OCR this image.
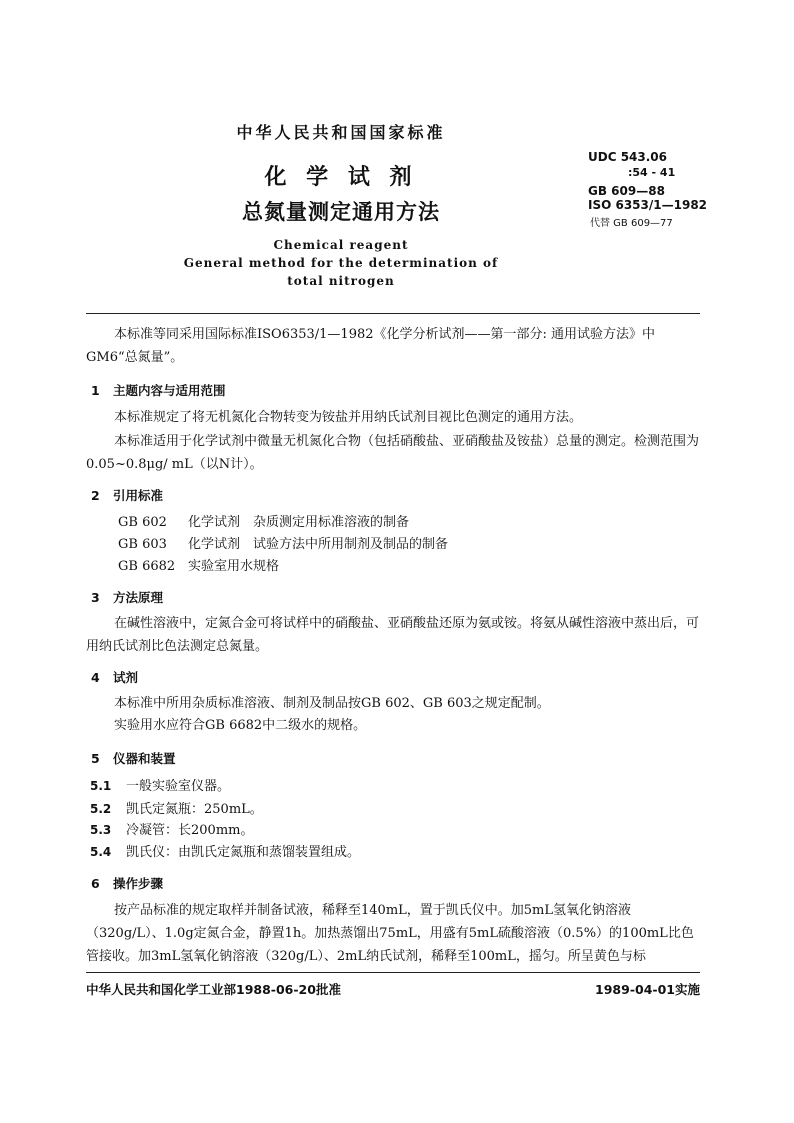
中华人民共和国国家标准
化 学 试 剂
总氮量测定通用方法
Chemical reagent
General method for the determination of
total nitrogen
UDC 543.06
:54 - 41
GB 609—88
ISO 6353/1—1982
代替 GB 609—77
本标准等同采用国际标准ISO6353/1—1982《化学分析试剂——第一部分: 通用试验方法》中GM6“总氮量”。
1 主题内容与适用范围
本标准规定了将无机氮化合物转变为铵盐并用纳氏试剂目视比色测定的通用方法。
本标准适用于化学试剂中微量无机氮化合物（包括硝酸盐、亚硝酸盐及铵盐）总量的测定。检测范围为0.05~0.8μg/ mL（以N计）。
2 引用标准
GB 602 化学试剂　杂质测定用标准溶液的制备
GB 603 化学试剂　试验方法中所用制剂及制品的制备
GB 6682 实验室用水规格
3 方法原理
在碱性溶液中，定氮合金可将试样中的硝酸盐、亚硝酸盐还原为氨或铵。将氨从碱性溶液中蒸出后，可用纳氏试剂比色法测定总氮量。
4 试剂
本标准中所用杂质标准溶液、制剂及制品按GB 602、GB 603之规定配制。
实验用水应符合GB 6682中二级水的规格。
5 仪器和装置
5.1 一般实验室仪器。
5.2 凯氏定氮瓶：250mL。
5.3 冷凝管：长200mm。
5.4 凯氏仪：由凯氏定氮瓶和蒸馏装置组成。
6 操作步骤
按产品标准的规定取样并制备试液，稀释至140mL，置于凯氏仪中。加5mL氢氧化钠溶液（320g/L）、1.0g定氮合金，静置1h。加热蒸馏出75mL，用盛有5mL硫酸溶液（0.5%）的100mL比色管接收。加3mL氢氧化钠溶液（320g/L）、2mL纳氏试剂，稀释至100mL，摇匀。所呈黄色与标
中华人民共和国化学工业部1988-06-20批准	1989-04-01实施
